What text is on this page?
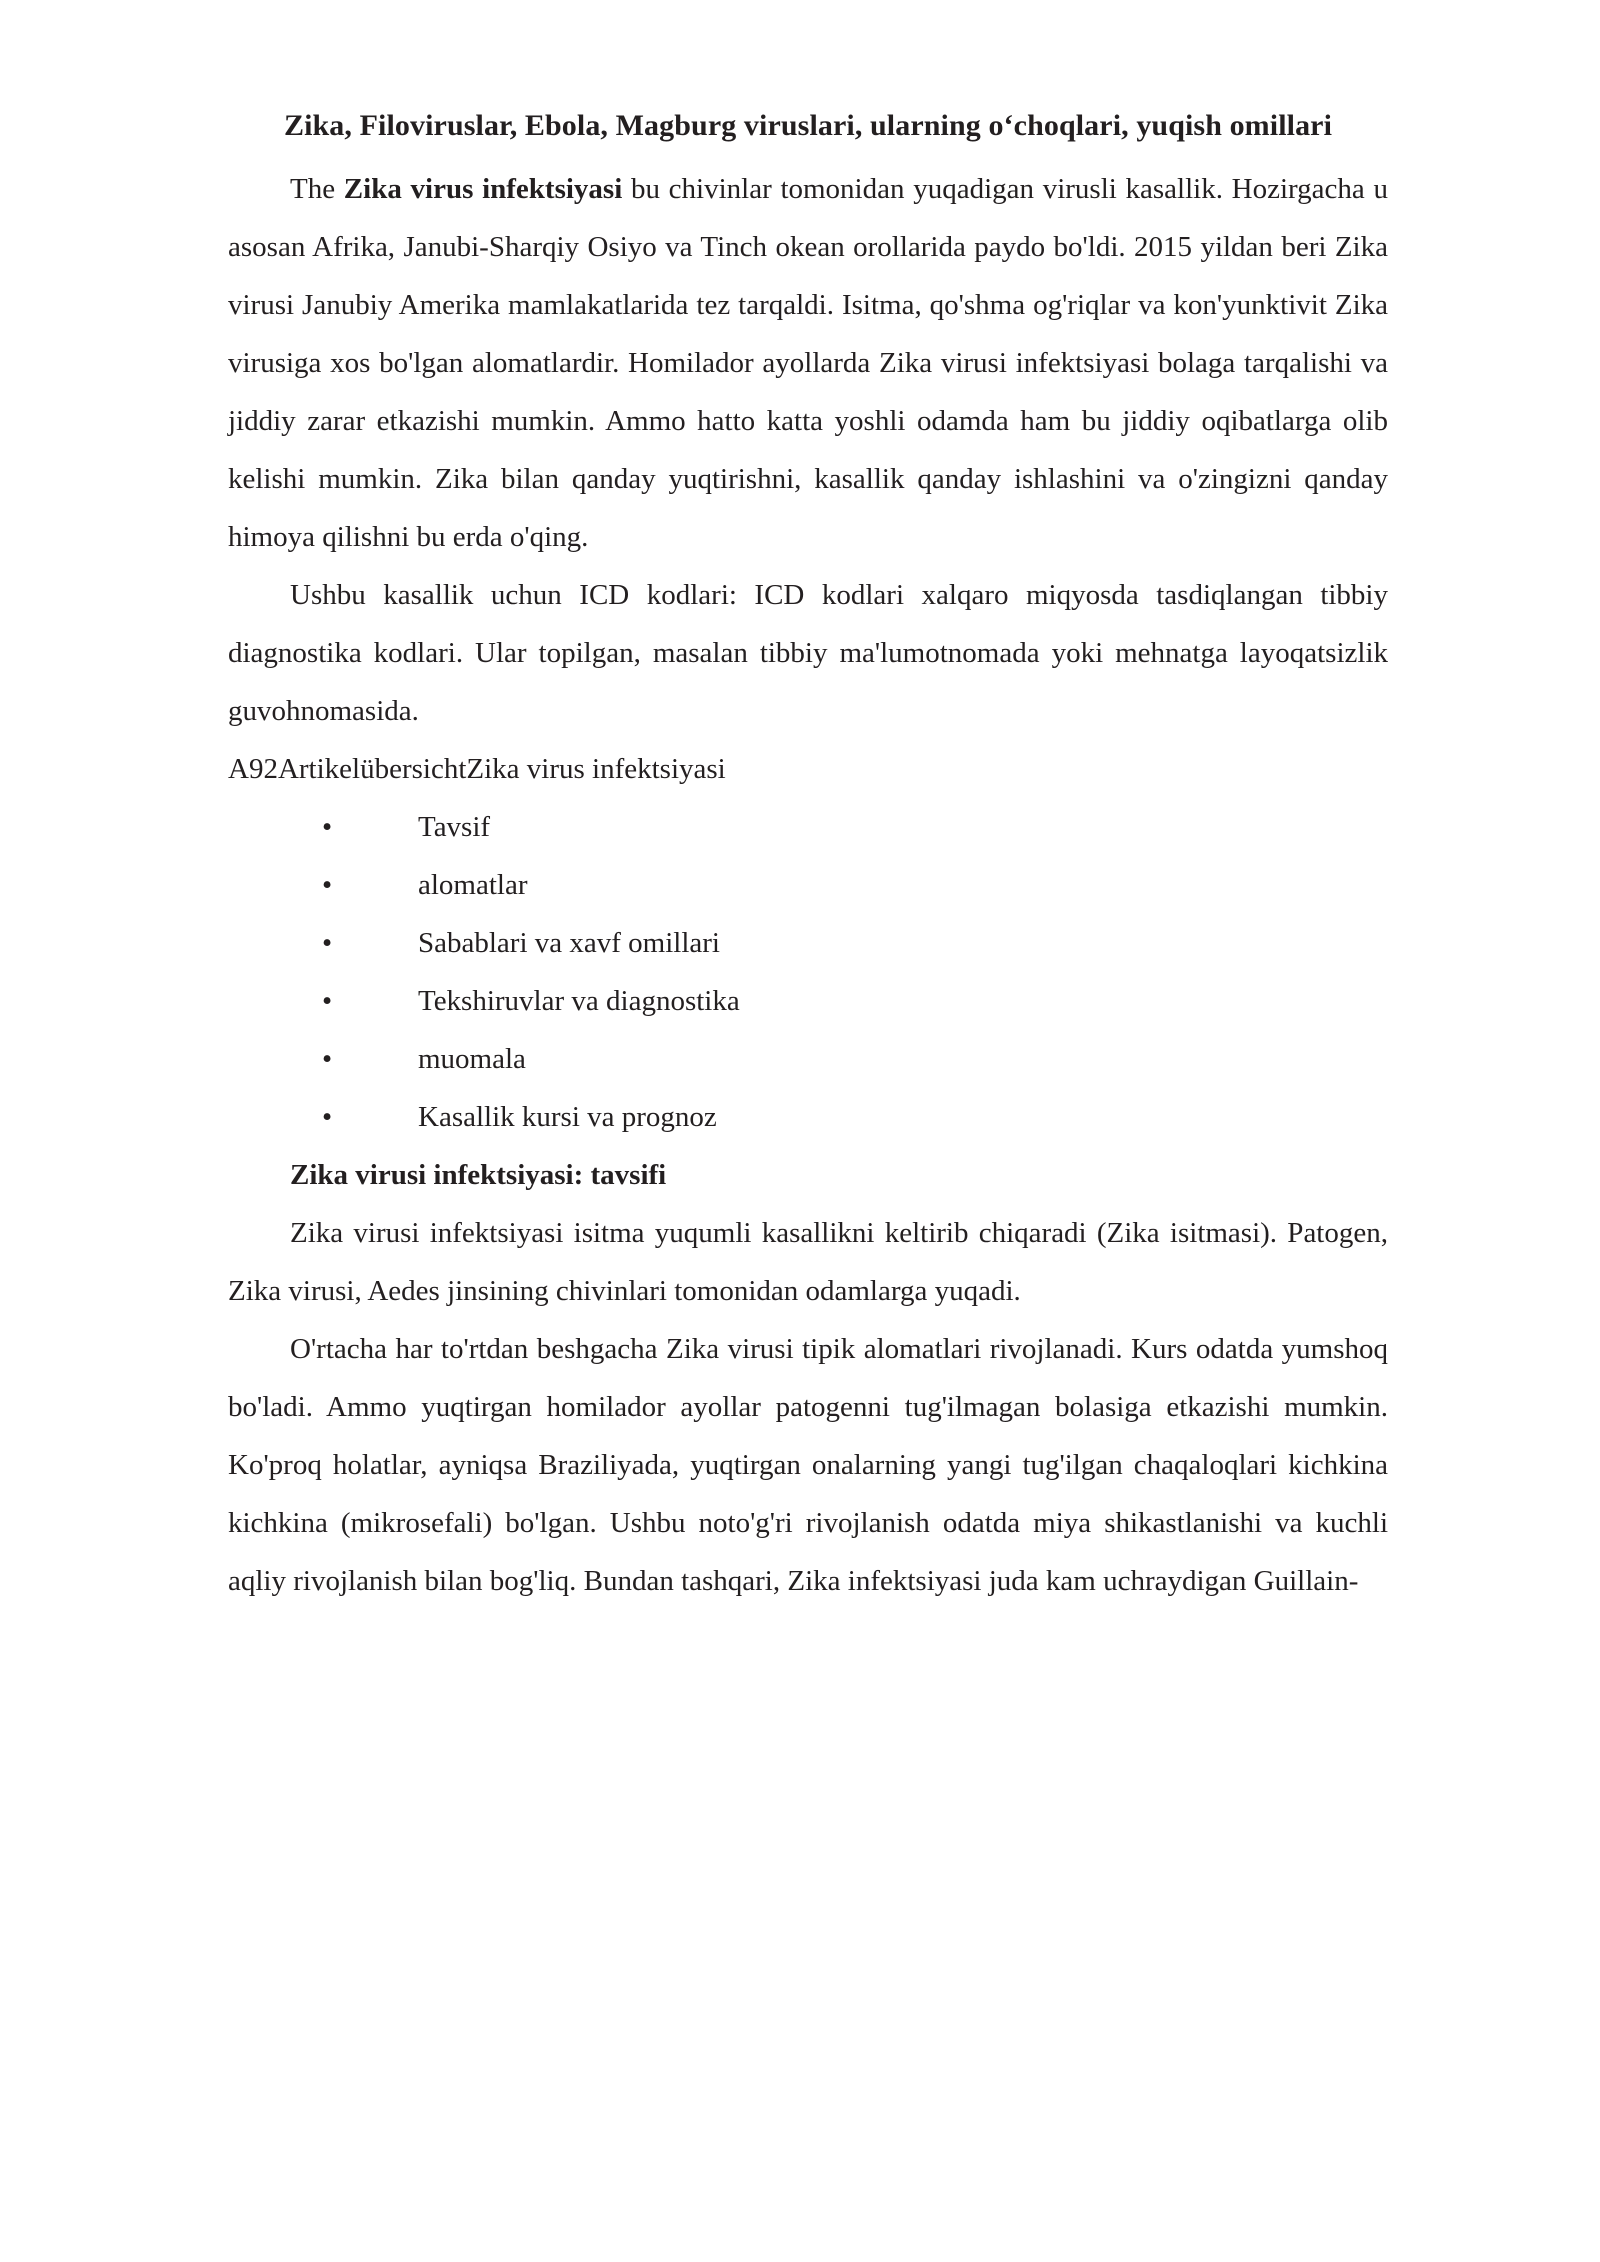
Zika, Filoviruslar, Ebola, Magburg viruslari, ularning o‘choqlari, yuqish omillari

The Zika virus infektsiyasi bu chivinlar tomonidan yuqadigan virusli kasallik. Hozirgacha u asosan Afrika, Janubi-Sharqiy Osiyo va Tinch okean orollarida paydo bo'ldi. 2015 yildan beri Zika virusi Janubiy Amerika mamlakatlarida tez tarqaldi. Isitma, qo'shma og'riqlar va kon'yunktivit Zika virusiga xos bo'lgan alomatlardir. Homilador ayollarda Zika virusi infektsiyasi bolaga tarqalishi va jiddiy zarar etkazishi mumkin. Ammo hatto katta yoshli odamda ham bu jiddiy oqibatlarga olib kelishi mumkin. Zika bilan qanday yuqtirishni, kasallik qanday ishlashini va o'zingizni qanday himoya qilishni bu erda o'qing.

Ushbu kasallik uchun ICD kodlari: ICD kodlari xalqaro miqyosda tasdiqlangan tibbiy diagnostika kodlari. Ular topilgan, masalan tibbiy ma'lumotnomada yoki mehnatga layoqatsizlik guvohnomasida.

A92ArtikelübersichtZika virus infektsiyasi

•	Tavsif
•	alomatlar
•	Sabablari va xavf omillari
•	Tekshiruvlar va diagnostika
•	muomala
•	Kasallik kursi va prognoz

Zika virusi infektsiyasi: tavsifi

Zika virusi infektsiyasi isitma yuqumli kasallikni keltirib chiqaradi (Zika isitmasi). Patogen, Zika virusi, Aedes jinsining chivinlari tomonidan odamlarga yuqadi.

O'rtacha har to'rtdan beshgacha Zika virusi tipik alomatlari rivojlanadi. Kurs odatda yumshoq bo'ladi. Ammo yuqtirgan homilador ayollar patogenni tug'ilmagan bolasiga etkazishi mumkin. Ko'proq holatlar, ayniqsa Braziliyada, yuqtirgan onalarning yangi tug'ilgan chaqaloqlari kichkina kichkina (mikrosefali) bo'lgan. Ushbu noto'g'ri rivojlanish odatda miya shikastlanishi va kuchli aqliy rivojlanish bilan bog'liq. Bundan tashqari, Zika infektsiyasi juda kam uchraydigan Guillain-
